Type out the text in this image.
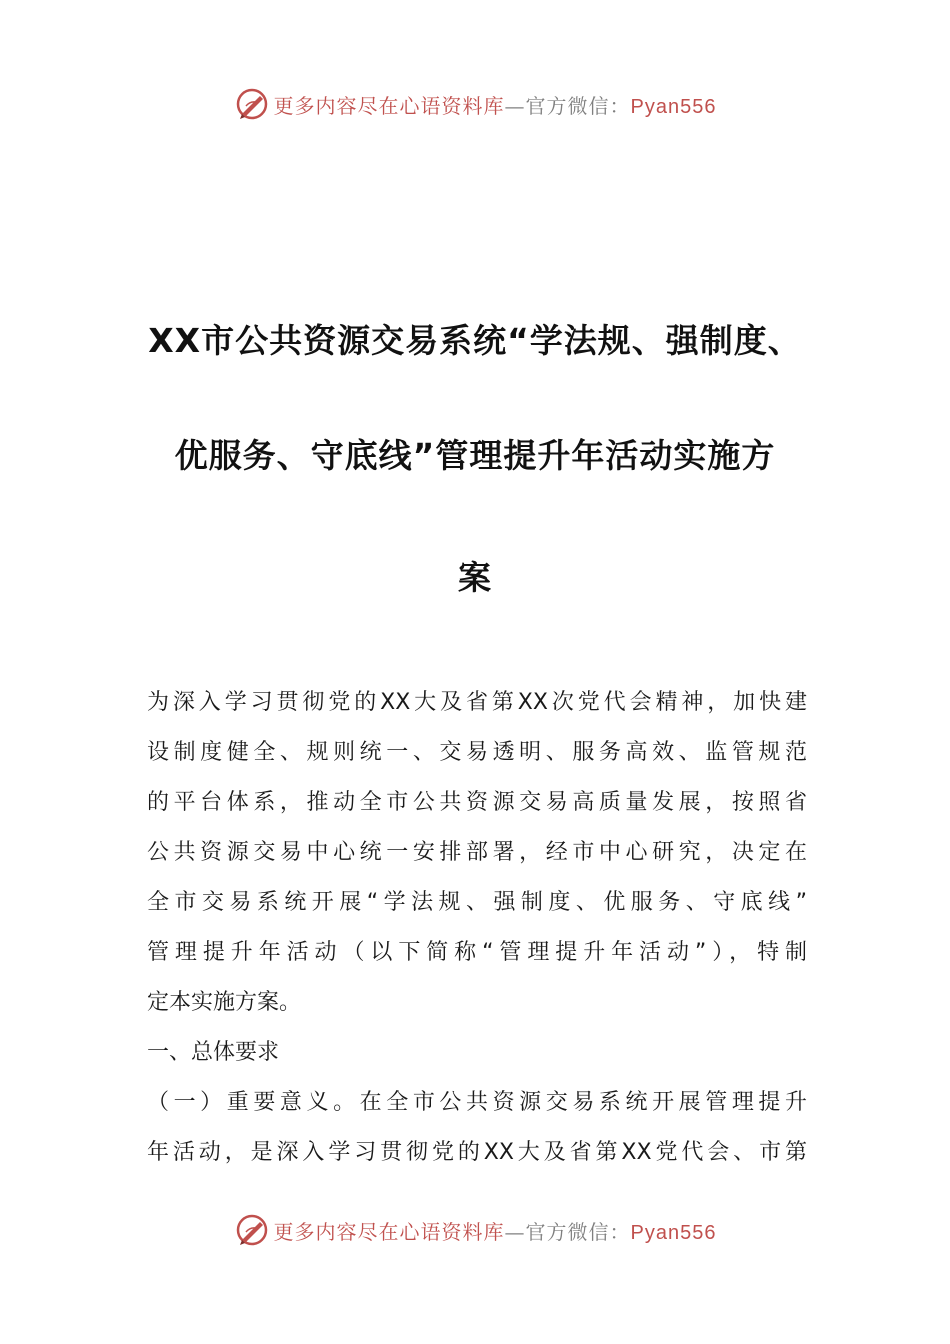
更多内容尽在心语资料库—官方微信：Pyan556
XX市公共资源交易系统“学法规、强制度、
优服务、守底线”管理提升年活动实施方
案
为深入学习贯彻党的XX大及省第XX次党代会精神，加快建
设制度健全、规则统一、交易透明、服务高效、监管规范
的平台体系，推动全市公共资源交易高质量发展，按照省
公共资源交易中心统一安排部署，经市中心研究，决定在
全市交易系统开展“学法规、强制度、优服务、守底线”
管理提升年活动（以下简称“管理提升年活动”），特制
定本实施方案。
一、总体要求
（一）重要意义。在全市公共资源交易系统开展管理提升
年活动，是深入学习贯彻党的XX大及省第XX党代会、市第
更多内容尽在心语资料库—官方微信：Pyan556
